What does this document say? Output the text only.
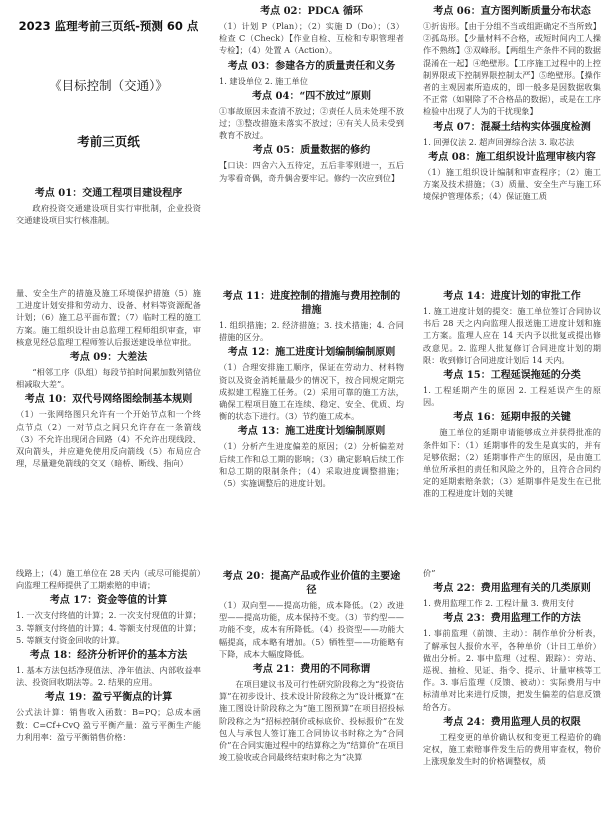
2023 监理考前三页纸-预测 60 点
《目标控制（交通）》
考前三页纸
考点 01：交通工程项目建设程序
政府投资交通建设项目实行审批制，企业投资交通建设项目实行核准制。
考点 02：PDCA 循环
（1）计划 P（Plan）；（2）实施 D（Do）；（3）检查 C（Check）【作业自检、互检和专职管理者专检】；（4）处置 A（Action）。
考点 03：参建各方的质量责任和义务
1. 建设单位 2. 施工单位
考点 04：“四不放过”原则
①事故原因未查清不放过；②责任人员未处理不放过；③整改措施未落实不放过；④有关人员未受到教育不放过。
考点 05：质量数据的修约
【口诀：四舍六入五待定，五后非零则进一，五后为零看奇偶，奇升偶舍要牢记。修约一次应到位】
考点 06：直方图判断质量分布状态
①折齿形。【由于分组不当或组距确定不当所致】②孤岛形。【少量材料不合格，或短时间内工人操作不熟练】③双峰形。【两组生产条件不同的数据混淆在一起】④绝壁形。【工序施工过程中的上控制界限或下控制界限控制太严】⑤绝壁形。【操作者的主观因素所造成的，即一般多是因数据收集不正常（如剔除了不合格品的数据），或是在工序检验中出现了人为的干扰现象】
考点 07：混凝土结构实体强度检测
1. 回弹仪法 2. 超声回弹综合法 3. 取芯法
考点 08：施工组织设计监理审核内容
（1）施工组织设计编制和审查程序；（2）施工方案及技术措施；（3）质量、安全生产与施工环境保护管理体系；（4）保证施工质
量、安全生产的措施及施工环境保护措施（5）施工进度计划安排和劳动力、设备、材料等资源配备计划；（6）施工总平面布置；（7）临时工程的施工方案。施工组织设计由总监理工程师组织审查，审核意见经总监理工程师签认后报送建设单位审批。
考点 09：大差法
“相邻工序（队组）每段节拍时间累加数列错位相减取大差”。
考点 10：双代号网络图绘制基本规则
（1）一张网络图只允许有一个开始节点和一个终点节点（2）一对节点之间只允许存在一条箭线（3）不允许出现闭合回路（4）不允许出现线段、双向箭头，并应避免使用反向箭线（5）布局应合理，尽量避免箭线的交叉（暗桥、断线、指向）
考点 11：进度控制的措施与费用控制的措施
1. 组织措施；2. 经济措施；3. 技术措施；4. 合同措施的区分。
考点 12：施工进度计划编制编制原则
（1）合理安排施工顺序，保证在劳动力、材料物资以及资金消耗量最少的情况下，按合同规定期完成拟建工程施工任务。（2）采用可靠的施工方法，确保工程项目施工在连续、稳定、安全、优质、均衡的状态下进行。（3）节约施工成本。
考点 13：施工进度计划编制原则
（1）分析产生进度偏差的原因；（2）分析偏差对后续工作和总工期的影响；（3）确定影响后续工作和总工期的限制条件；（4）采取进度调整措施；（5）实施调整后的进度计划。
考点 14：进度计划的审批工作
1. 施工进度计划的提交：施工单位签订合同协议书后 28 天之内向监理人报送施工进度计划和施工方案。监理人应在 14 天内予以批复或提出修改意见。2. 监理人批复修订合同进度计划的期限：收到修订合同进度计划后 14 天内。
考点 15：工程延误拖延的分类
1. 工程延期产生的原因 2. 工程延误产生的原因。
考点 16：延期申报的关键
施工单位的延期申请能够成立并获得批准的条件如下：（1）延期事件的发生是真实的，并有足够依据；（2）延期事件产生的原因，是由施工单位所承担的责任和风险之外的，且符合合同约定的延期索赔条款；（3）延期事件是发生在已批准的工程进度计划的关键
线路上；（4）施工单位在 28 天内（或尽可能提前）向监理工程师提供了工期索赔的申请；
考点 17：资金等值的计算
1. 一次支付终值的计算；2. 一次支付现值的计算；3. 等额支付终值的计算；4. 等额支付现值的计算；5. 等额支付资金回收的计算。
考点 18：经济分析评价的基本方法
1. 基本方法包括净现值法、净年值法、内部收益率法、投资回收期法等。2. 结果的应用。
考点 19：盈亏平衡点的计算
公式法计算：销售收入函数：B=PQ；总成本函数：C=Cf+CvQ 盈亏平衡产量：盈亏平衡生产能力利用率：盈亏平衡销售价格：
考点 20：提高产品或作业价值的主要途径
（1）双向型——提高功能，成本降低。（2）改进型——提高功能，成本保持不变。（3）节约型——功能不变，成本有所降低。（4）投资型——功能大幅提高，成本略有增加。（5）牺牲型——功能略有下降，成本大幅度降低。
考点 21：费用的不同称谓
在项目建议书及可行性研究阶段称之为“投资估算”在初步设计、技术设计阶段称之为“设计概算”在施工图设计阶段称之为“施工图预算”在项目招投标阶段称之为“招标控制价或标底价、投标报价”在发包人与承包人签订施工合同协议书时称之为“合同价”在合同实施过程中的结算称之为“结算价”在项目竣工验收或合同最终结束时称之为“决算
价”
考点 22：费用监理有关的几类原则
1. 费用监理工作 2. 工程计量 3. 费用支付
考点 23：费用监理工作的方法
1. 事前监理（前馈、主动）：制作单价分析表，了解承包人报价水平，各种单价（计日工单价）做出分析。2. 事中监理（过程、跟踪）：旁站、巡视、抽检、见证、指令、提示、计量审核等工作。3. 事后监理（反馈、被动）：实际费用与中标清单对比来进行反馈，把发生偏差的信息反馈给各方。
考点 24：费用监理人员的权限
工程变更的单价确认权和变更工程造价的确定权，施工索赔事件发生后的费用审查权，物价上涨现象发生时的价格调整权，质
